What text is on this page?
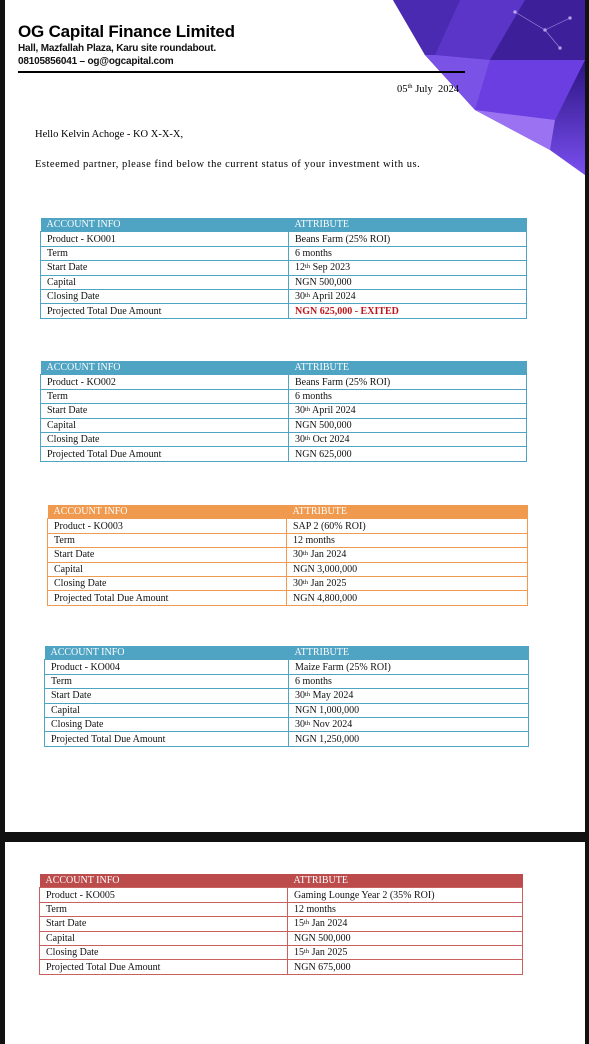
OG Capital Finance Limited
Hall, Mazfallah Plaza, Karu site roundabout.
08105856041 – og@ogcapital.com
05th July  2024
Hello Kelvin Achoge - KO X-X-X,
Esteemed partner, please find below the current status of your investment with us.
ACCOUNT INFO	ATTRIBUTE
Product - KO001	Beans Farm (25% ROI)
Term	6 months
Start Date	12th Sep 2023
Capital	NGN 500,000
Closing Date	30th April 2024
Projected Total Due Amount	NGN 625,000 - EXITED
ACCOUNT INFO	ATTRIBUTE
Product - KO002	Beans Farm (25% ROI)
Term	6 months
Start Date	30th April 2024
Capital	NGN 500,000
Closing Date	30th Oct 2024
Projected Total Due Amount	NGN 625,000
ACCOUNT INFO	ATTRIBUTE
Product - KO003	SAP 2 (60% ROI)
Term	12 months
Start Date	30th Jan 2024
Capital	NGN 3,000,000
Closing Date	30th Jan 2025
Projected Total Due Amount	NGN 4,800,000
ACCOUNT INFO	ATTRIBUTE
Product - KO004	Maize Farm (25% ROI)
Term	6 months
Start Date	30th May 2024
Capital	NGN 1,000,000
Closing Date	30th Nov 2024
Projected Total Due Amount	NGN 1,250,000
ACCOUNT INFO	ATTRIBUTE
Product - KO005	Gaming Lounge Year 2 (35% ROI)
Term	12 months
Start Date	15th Jan 2024
Capital	NGN 500,000
Closing Date	15th Jan 2025
Projected Total Due Amount	NGN 675,000
